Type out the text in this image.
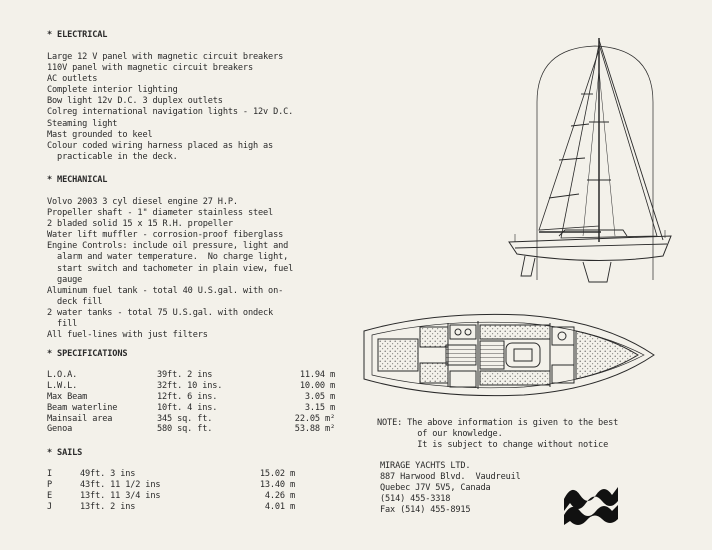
* ELECTRICAL
Large 12 V panel with magnetic circuit breakers
110V panel with magnetic circuit breakers
AC outlets
Complete interior lighting
Bow light 12v D.C. 3 duplex outlets
Colreg international navigation lights - 12v D.C.
Steaming light
Mast grounded to keel
Colour coded wiring harness placed as high as
practicable in the deck.
* MECHANICAL
Volvo 2003 3 cyl diesel engine 27 H.P.
Propeller shaft - 1" diameter stainless steel
2 bladed solid 15 x 15 R.H. propeller
Water lift muffler - corrosion-proof fiberglass
Engine Controls: include oil pressure, light and
alarm and water temperature.  No charge light,
start switch and tachometer in plain view, fuel
gauge
Aluminum fuel tank - total 40 U.S.gal. with on-
deck fill
2 water tanks - total 75 U.S.gal. with ondeck
fill
All fuel-lines with just filters
* SPECIFICATIONS
L.O.A.	39ft. 2 ins	11.94 m
L.W.L.	32ft. 10 ins.	10.00 m
Max Beam	12ft. 6 ins.	3.05 m
Beam waterline	10ft. 4 ins.	3.15 m
Mainsail area	345 sq. ft.	22.05 m²
Genoa	580 sq. ft.	53.88 m²
* SAILS
I	49ft. 3 ins	15.02 m
P	43ft. 11 1/2 ins	13.40 m
E	13ft. 11 3/4 ins	4.26 m
J	13ft. 2 ins	4.01 m
NOTE: The above information is given to the best
of our knowledge.
It is subject to change without notice
MIRAGE YACHTS LTD.
887 Harwood Blvd.  Vaudreuil
Quebec J7V 5V5, Canada
(514) 455-3318
Fax (514) 455-8915
